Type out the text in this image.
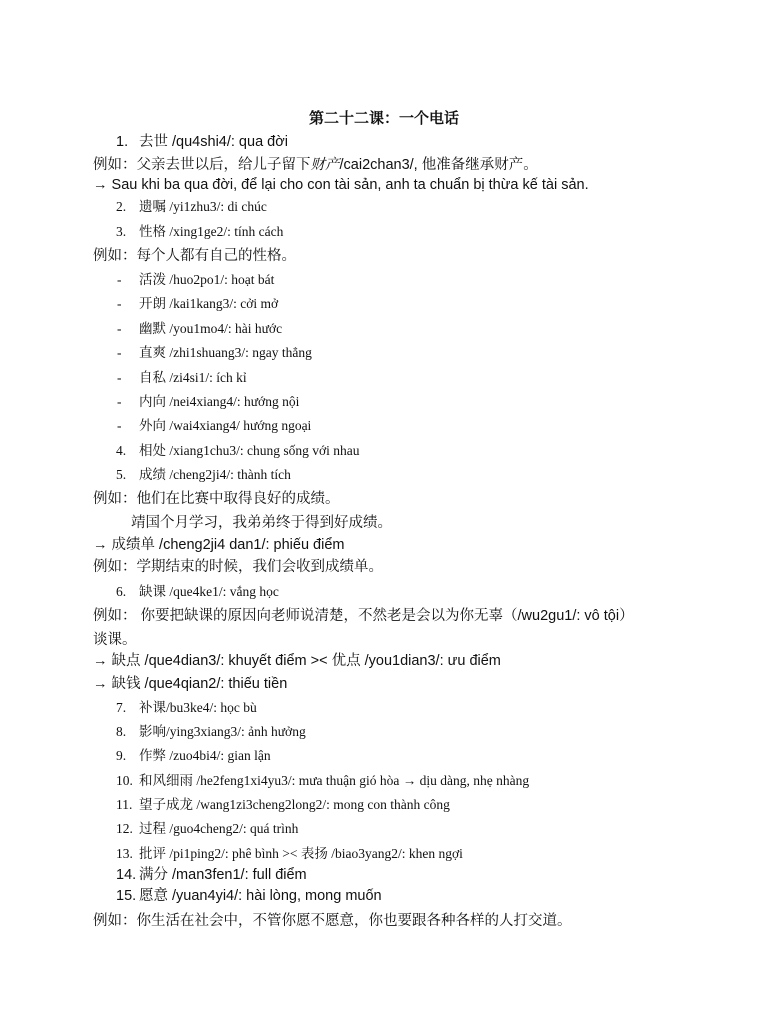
第二十二课：一个电话
1. 去世 /qu4shi4/: qua đời
例如：父亲去世以后，给儿子留下财产/cai2chan3/, 他准备继承财产。
→ Sau khi ba qua đời, để lại cho con tài sản, anh ta chuẩn bị thừa kế tài sản.
2. 遗嘱 /yi1zhu3/: di chúc
3. 性格 /xing1ge2/: tính cách
例如：每个人都有自己的性格。
-	活泼 /huo2po1/: hoạt bát
-	开朗 /kai1kang3/: cởi mở
-	幽默 /you1mo4/: hài hước
-	直爽 /zhi1shuang3/: ngay thẳng
-	自私 /zi4si1/: ích kỉ
-	内向 /nei4xiang4/: hướng nội
-	外向 /wai4xiang4/ hướng ngoại
4. 相处 /xiang1chu3/: chung sống với nhau
5. 成绩 /cheng2ji4/: thành tích
例如：他们在比赛中取得良好的成绩。
靖国个月学习，我弟弟终于得到好成绩。
→ 成绩单 /cheng2ji4 dan1/: phiếu điểm
例如：学期结束的时候，我们会收到成绩单。
6. 缺课 /que4ke1/: vắng học
例如： 你要把缺课的原因向老师说清楚，不然老是会以为你无辜（/wu2gu1/: vô tội）
谈课。
→ 缺点 /que4dian3/: khuyết điểm >< 优点 /you1dian3/: ưu điểm
→ 缺钱 /que4qian2/: thiếu tiền
7. 补课/bu3ke4/: học bù
8. 影响/ying3xiang3/: ảnh hưởng
9. 作弊 /zuo4bi4/: gian lận
10. 和风细雨 /he2feng1xi4yu3/: mưa thuận gió hòa → dịu dàng, nhẹ nhàng
11. 望子成龙 /wang1zi3cheng2long2/: mong con thành công
12. 过程 /guo4cheng2/: quá trình
13. 批评 /pi1ping2/: phê bình >< 表扬 /biao3yang2/: khen ngợi
14. 满分 /man3fen1/: full điểm
15. 愿意 /yuan4yi4/: hài lòng, mong muốn
例如：你生活在社会中，不管你愿不愿意，你也要跟各种各样的人打交道。
